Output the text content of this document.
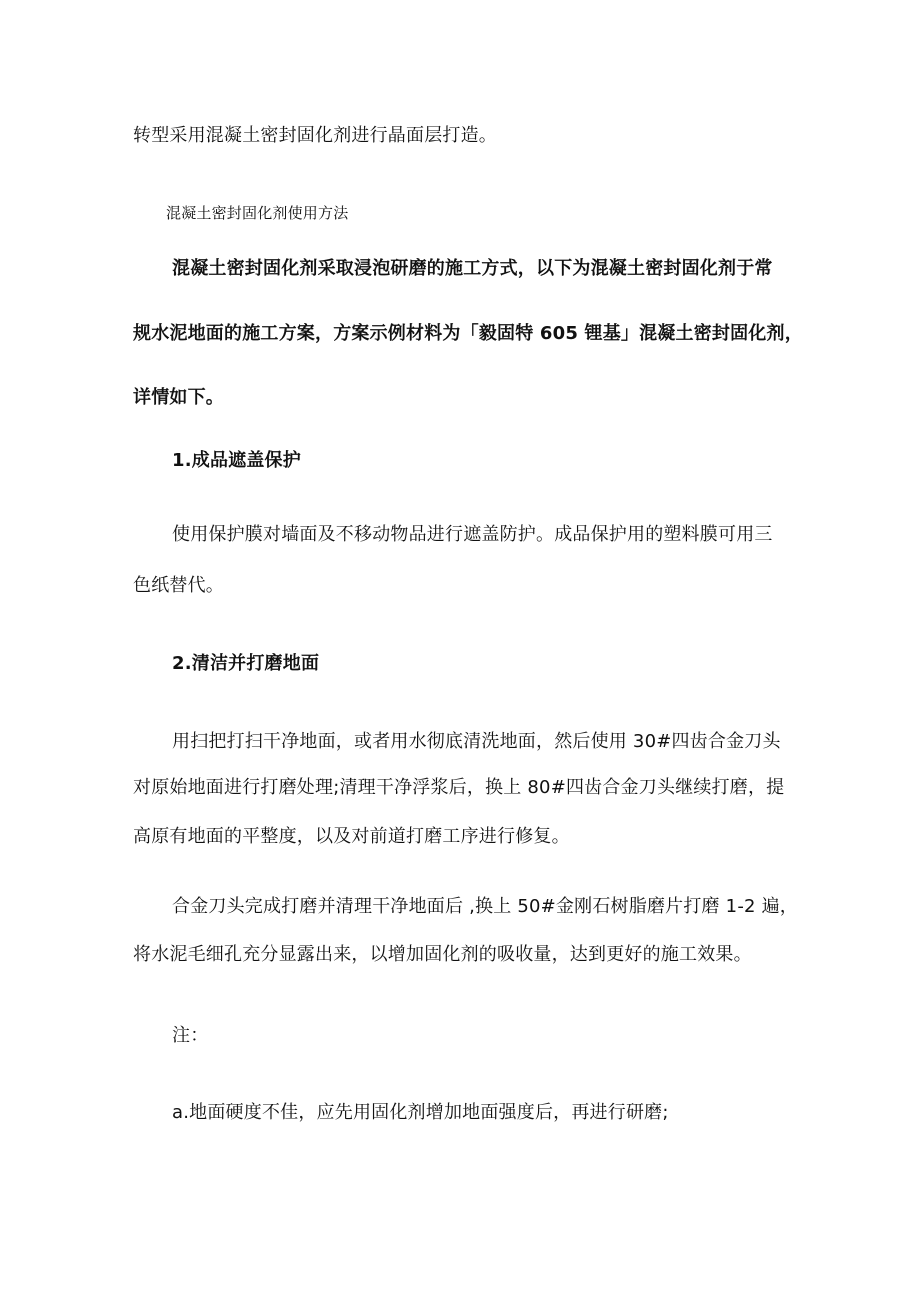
转型采用混凝土密封固化剂进行晶面层打造。
混凝土密封固化剂使用方法
混凝土密封固化剂采取浸泡研磨的施工方式，以下为混凝土密封固化剂于常
规水泥地面的施工方案，方案示例材料为「毅固特 605 锂基」混凝土密封固化剂，
详情如下。
1.成品遮盖保护
使用保护膜对墙面及不移动物品进行遮盖防护。成品保护用的塑料膜可用三
色纸替代。
2.清洁并打磨地面
用扫把打扫干净地面，或者用水彻底清洗地面，然后使用 30#四齿合金刀头
对原始地面进行打磨处理;清理干净浮浆后，换上 80#四齿合金刀头继续打磨，提
高原有地面的平整度，以及对前道打磨工序进行修复。
合金刀头完成打磨并清理干净地面后 ,换上 50#金刚石树脂磨片打磨 1-2 遍，
将水泥毛细孔充分显露出来，以增加固化剂的吸收量，达到更好的施工效果。
注：
a.地面硬度不佳，应先用固化剂增加地面强度后，再进行研磨;
